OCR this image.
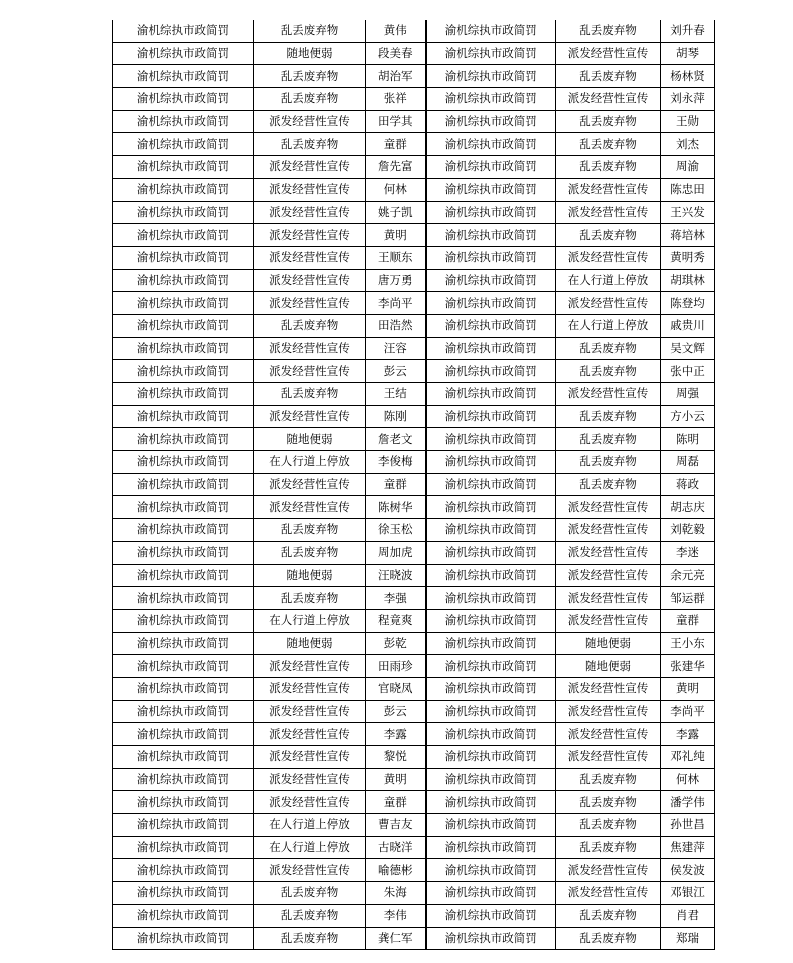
渝机综执市政简罚	乱丢废弃物	黄伟	渝机综执市政简罚	乱丢废弃物	刘升春
渝机综执市政简罚	随地便弱	段美春	渝机综执市政简罚	派发经营性宣传	胡琴
渝机综执市政简罚	乱丢废弃物	胡治军	渝机综执市政简罚	乱丢废弃物	杨林贤
渝机综执市政简罚	乱丢废弃物	张祥	渝机综执市政简罚	派发经营性宣传	刘永萍
渝机综执市政简罚	派发经营性宣传	田学其	渝机综执市政简罚	乱丢废弃物	王勋
渝机综执市政简罚	乱丢废弃物	童群	渝机综执市政简罚	乱丢废弃物	刘杰
渝机综执市政简罚	派发经营性宣传	詹先富	渝机综执市政简罚	乱丢废弃物	周渝
渝机综执市政简罚	派发经营性宣传	何林	渝机综执市政简罚	派发经营性宣传	陈忠田
渝机综执市政简罚	派发经营性宣传	姚子凯	渝机综执市政简罚	派发经营性宣传	王兴发
渝机综执市政简罚	派发经营性宣传	黄明	渝机综执市政简罚	乱丢废弃物	蒋培林
渝机综执市政简罚	派发经营性宣传	王顺东	渝机综执市政简罚	派发经营性宣传	黄明秀
渝机综执市政简罚	派发经营性宣传	唐万勇	渝机综执市政简罚	在人行道上停放	胡琪林
渝机综执市政简罚	派发经营性宣传	李尚平	渝机综执市政简罚	派发经营性宣传	陈登均
渝机综执市政简罚	乱丢废弃物	田浩然	渝机综执市政简罚	在人行道上停放	戚贵川
渝机综执市政简罚	派发经营性宣传	汪容	渝机综执市政简罚	乱丢废弃物	吴文辉
渝机综执市政简罚	派发经营性宣传	彭云	渝机综执市政简罚	乱丢废弃物	张中正
渝机综执市政简罚	乱丢废弃物	王结	渝机综执市政简罚	派发经营性宣传	周强
渝机综执市政简罚	派发经营性宣传	陈刚	渝机综执市政简罚	乱丢废弃物	方小云
渝机综执市政简罚	随地便弱	詹老文	渝机综执市政简罚	乱丢废弃物	陈明
渝机综执市政简罚	在人行道上停放	李俊梅	渝机综执市政简罚	乱丢废弃物	周磊
渝机综执市政简罚	派发经营性宣传	童群	渝机综执市政简罚	乱丢废弃物	蒋政
渝机综执市政简罚	派发经营性宣传	陈树华	渝机综执市政简罚	派发经营性宣传	胡志庆
渝机综执市政简罚	乱丢废弃物	徐玉松	渝机综执市政简罚	派发经营性宣传	刘乾毅
渝机综执市政简罚	乱丢废弃物	周加虎	渝机综执市政简罚	派发经营性宣传	李迷
渝机综执市政简罚	随地便弱	汪晓波	渝机综执市政简罚	派发经营性宣传	余元亮
渝机综执市政简罚	乱丢废弃物	李强	渝机综执市政简罚	派发经营性宣传	邹运群
渝机综执市政简罚	在人行道上停放	程竟爽	渝机综执市政简罚	派发经营性宣传	童群
渝机综执市政简罚	随地便弱	彭乾	渝机综执市政简罚	随地便弱	王小东
渝机综执市政简罚	派发经营性宣传	田雨珍	渝机综执市政简罚	随地便弱	张建华
渝机综执市政简罚	派发经营性宣传	官晓凤	渝机综执市政简罚	派发经营性宣传	黄明
渝机综执市政简罚	派发经营性宣传	彭云	渝机综执市政简罚	派发经营性宣传	李尚平
渝机综执市政简罚	派发经营性宣传	李露	渝机综执市政简罚	派发经营性宣传	李露
渝机综执市政简罚	派发经营性宣传	黎悦	渝机综执市政简罚	派发经营性宣传	邓礼纯
渝机综执市政简罚	派发经营性宣传	黄明	渝机综执市政简罚	乱丢废弃物	何林
渝机综执市政简罚	派发经营性宣传	童群	渝机综执市政简罚	乱丢废弃物	潘学伟
渝机综执市政简罚	在人行道上停放	曹吉友	渝机综执市政简罚	乱丢废弃物	孙世昌
渝机综执市政简罚	在人行道上停放	古晓洋	渝机综执市政简罚	乱丢废弃物	焦建萍
渝机综执市政简罚	派发经营性宣传	喻德彬	渝机综执市政简罚	派发经营性宣传	侯发波
渝机综执市政简罚	乱丢废弃物	朱海	渝机综执市政简罚	派发经营性宣传	邓银江
渝机综执市政简罚	乱丢废弃物	李伟	渝机综执市政简罚	乱丢废弃物	肖君
渝机综执市政简罚	乱丢废弃物	龚仁军	渝机综执市政简罚	乱丢废弃物	郑瑞
